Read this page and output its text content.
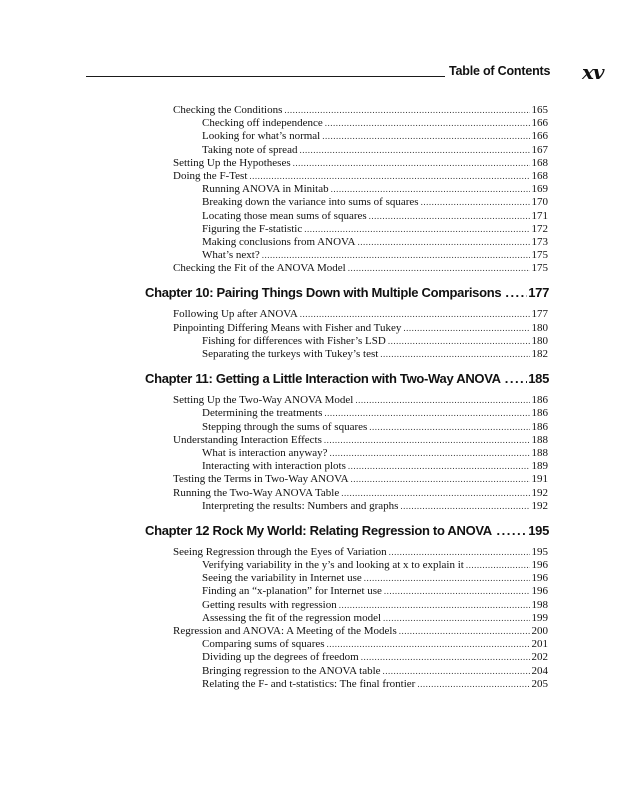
Table of Contents xv
Checking the Conditions .....	165
Checking off independence .....	166
Looking for what’s normal .....	166
Taking note of spread .....	167
Setting Up the Hypotheses .....	168
Doing the F-Test .....	168
Running ANOVA in Minitab .....	169
Breaking down the variance into sums of squares .....	170
Locating those mean sums of squares .....	171
Figuring the F-statistic .....	172
Making conclusions from ANOVA .....	173
What’s next? .....	175
Checking the Fit of the ANOVA Model .....	175
Chapter 10: Pairing Things Down with Multiple Comparisons ...... 177
Following Up after ANOVA .....	177
Pinpointing Differing Means with Fisher and Tukey .....	180
Fishing for differences with Fisher’s LSD .....	180
Separating the turkeys with Tukey’s test .....	182
Chapter 11: Getting a Little Interaction with Two-Way ANOVA ...... 185
Setting Up the Two-Way ANOVA Model .....	186
Determining the treatments .....	186
Stepping through the sums of squares .....	186
Understanding Interaction Effects .....	188
What is interaction anyway? .....	188
Interacting with interaction plots .....	189
Testing the Terms in Two-Way ANOVA .....	191
Running the Two-Way ANOVA Table .....	192
Interpreting the results: Numbers and graphs .....	192
Chapter 12 Rock My World: Relating Regression to ANOVA ......	195
Seeing Regression through the Eyes of Variation .....	195
Verifying variability in the y’s and looking at x to explain it .....	196
Seeing the variability in Internet use .....	196
Finding an “x-planation” for Internet use .....	196
Getting results with regression .....	198
Assessing the fit of the regression model .....	199
Regression and ANOVA: A Meeting of the Models .....	200
Comparing sums of squares .....	201
Dividing up the degrees of freedom .....	202
Bringing regression to the ANOVA table .....	204
Relating the F- and t-statistics: The final frontier .....	205
